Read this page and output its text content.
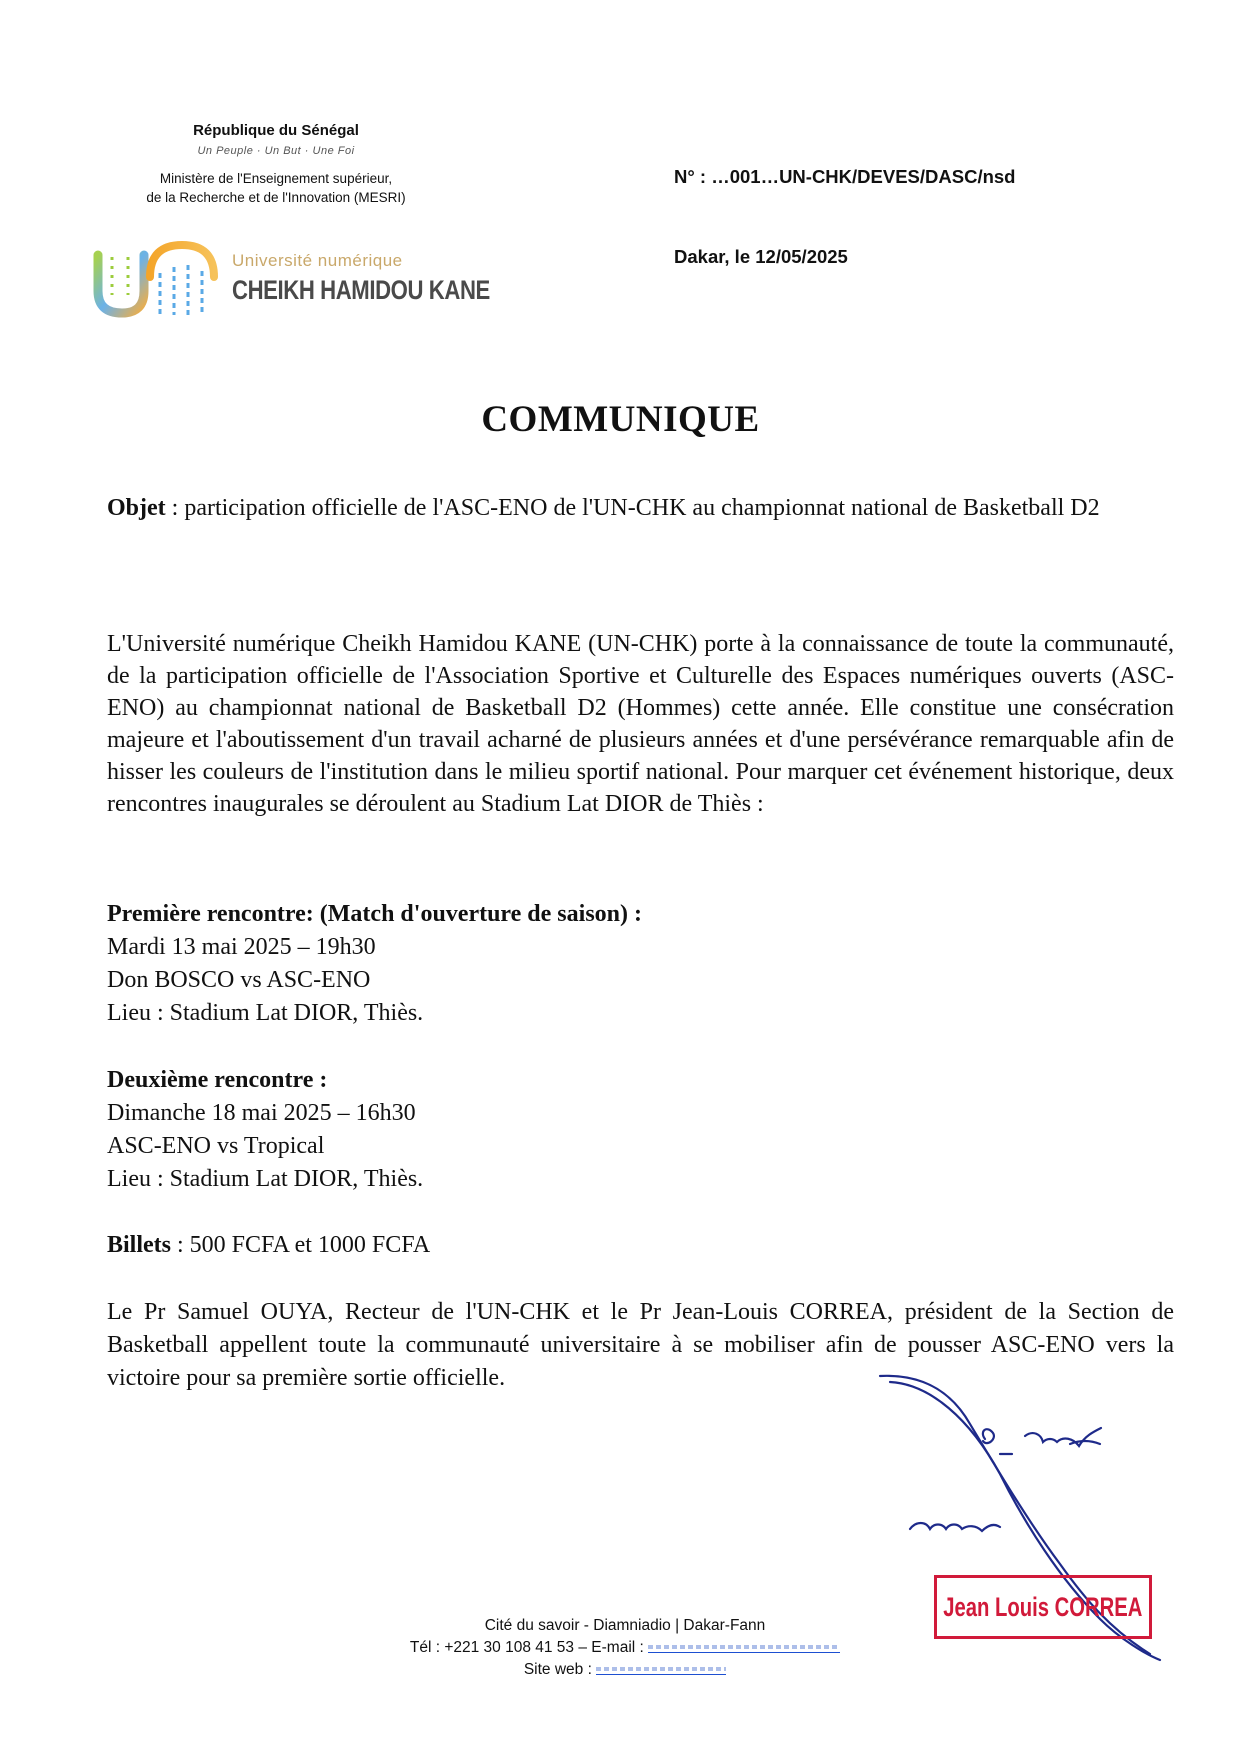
République du Sénégal
Un Peuple · Un But · Une Foi
Ministère de l'Enseignement supérieur,
de la Recherche et de l'Innovation (MESRI)
Université numérique
CHEIKH HAMIDOU KANE
N° : …001…UN-CHK/DEVES/DASC/nsd
Dakar, le 12/05/2025
COMMUNIQUE
Objet : participation officielle de l'ASC-ENO de l'UN-CHK au championnat national de Basketball D2
L'Université numérique Cheikh Hamidou KANE (UN-CHK) porte à la connaissance de toute la communauté, de la participation officielle de l'Association Sportive et Culturelle des Espaces numériques ouverts (ASC-ENO) au championnat national de Basketball D2 (Hommes) cette année. Elle constitue une consécration majeure et l'aboutissement d'un travail acharné de plusieurs années et d'une persévérance remarquable afin de hisser les couleurs de l'institution dans le milieu sportif national. Pour marquer cet événement historique, deux rencontres inaugurales se déroulent au Stadium Lat DIOR de Thiès :
Première rencontre: (Match d'ouverture de saison) :
Mardi 13 mai 2025 – 19h30
Don BOSCO vs ASC-ENO
Lieu : Stadium Lat DIOR, Thiès.
Deuxième rencontre :
Dimanche 18 mai 2025 – 16h30
ASC-ENO vs Tropical
Lieu : Stadium Lat DIOR, Thiès.
Billets : 500 FCFA et 1000 FCFA
Le Pr Samuel OUYA, Recteur de l'UN-CHK et le Pr Jean-Louis CORREA, président de la Section de Basketball appellent toute la communauté universitaire à se mobiliser afin de pousser ASC-ENO vers la victoire pour sa première sortie officielle.
Jean Louis CORREA
Cité du savoir - Diamniadio | Dakar-Fann
Tél : +221 30 108 41 53 – E-mail :
Site web :
